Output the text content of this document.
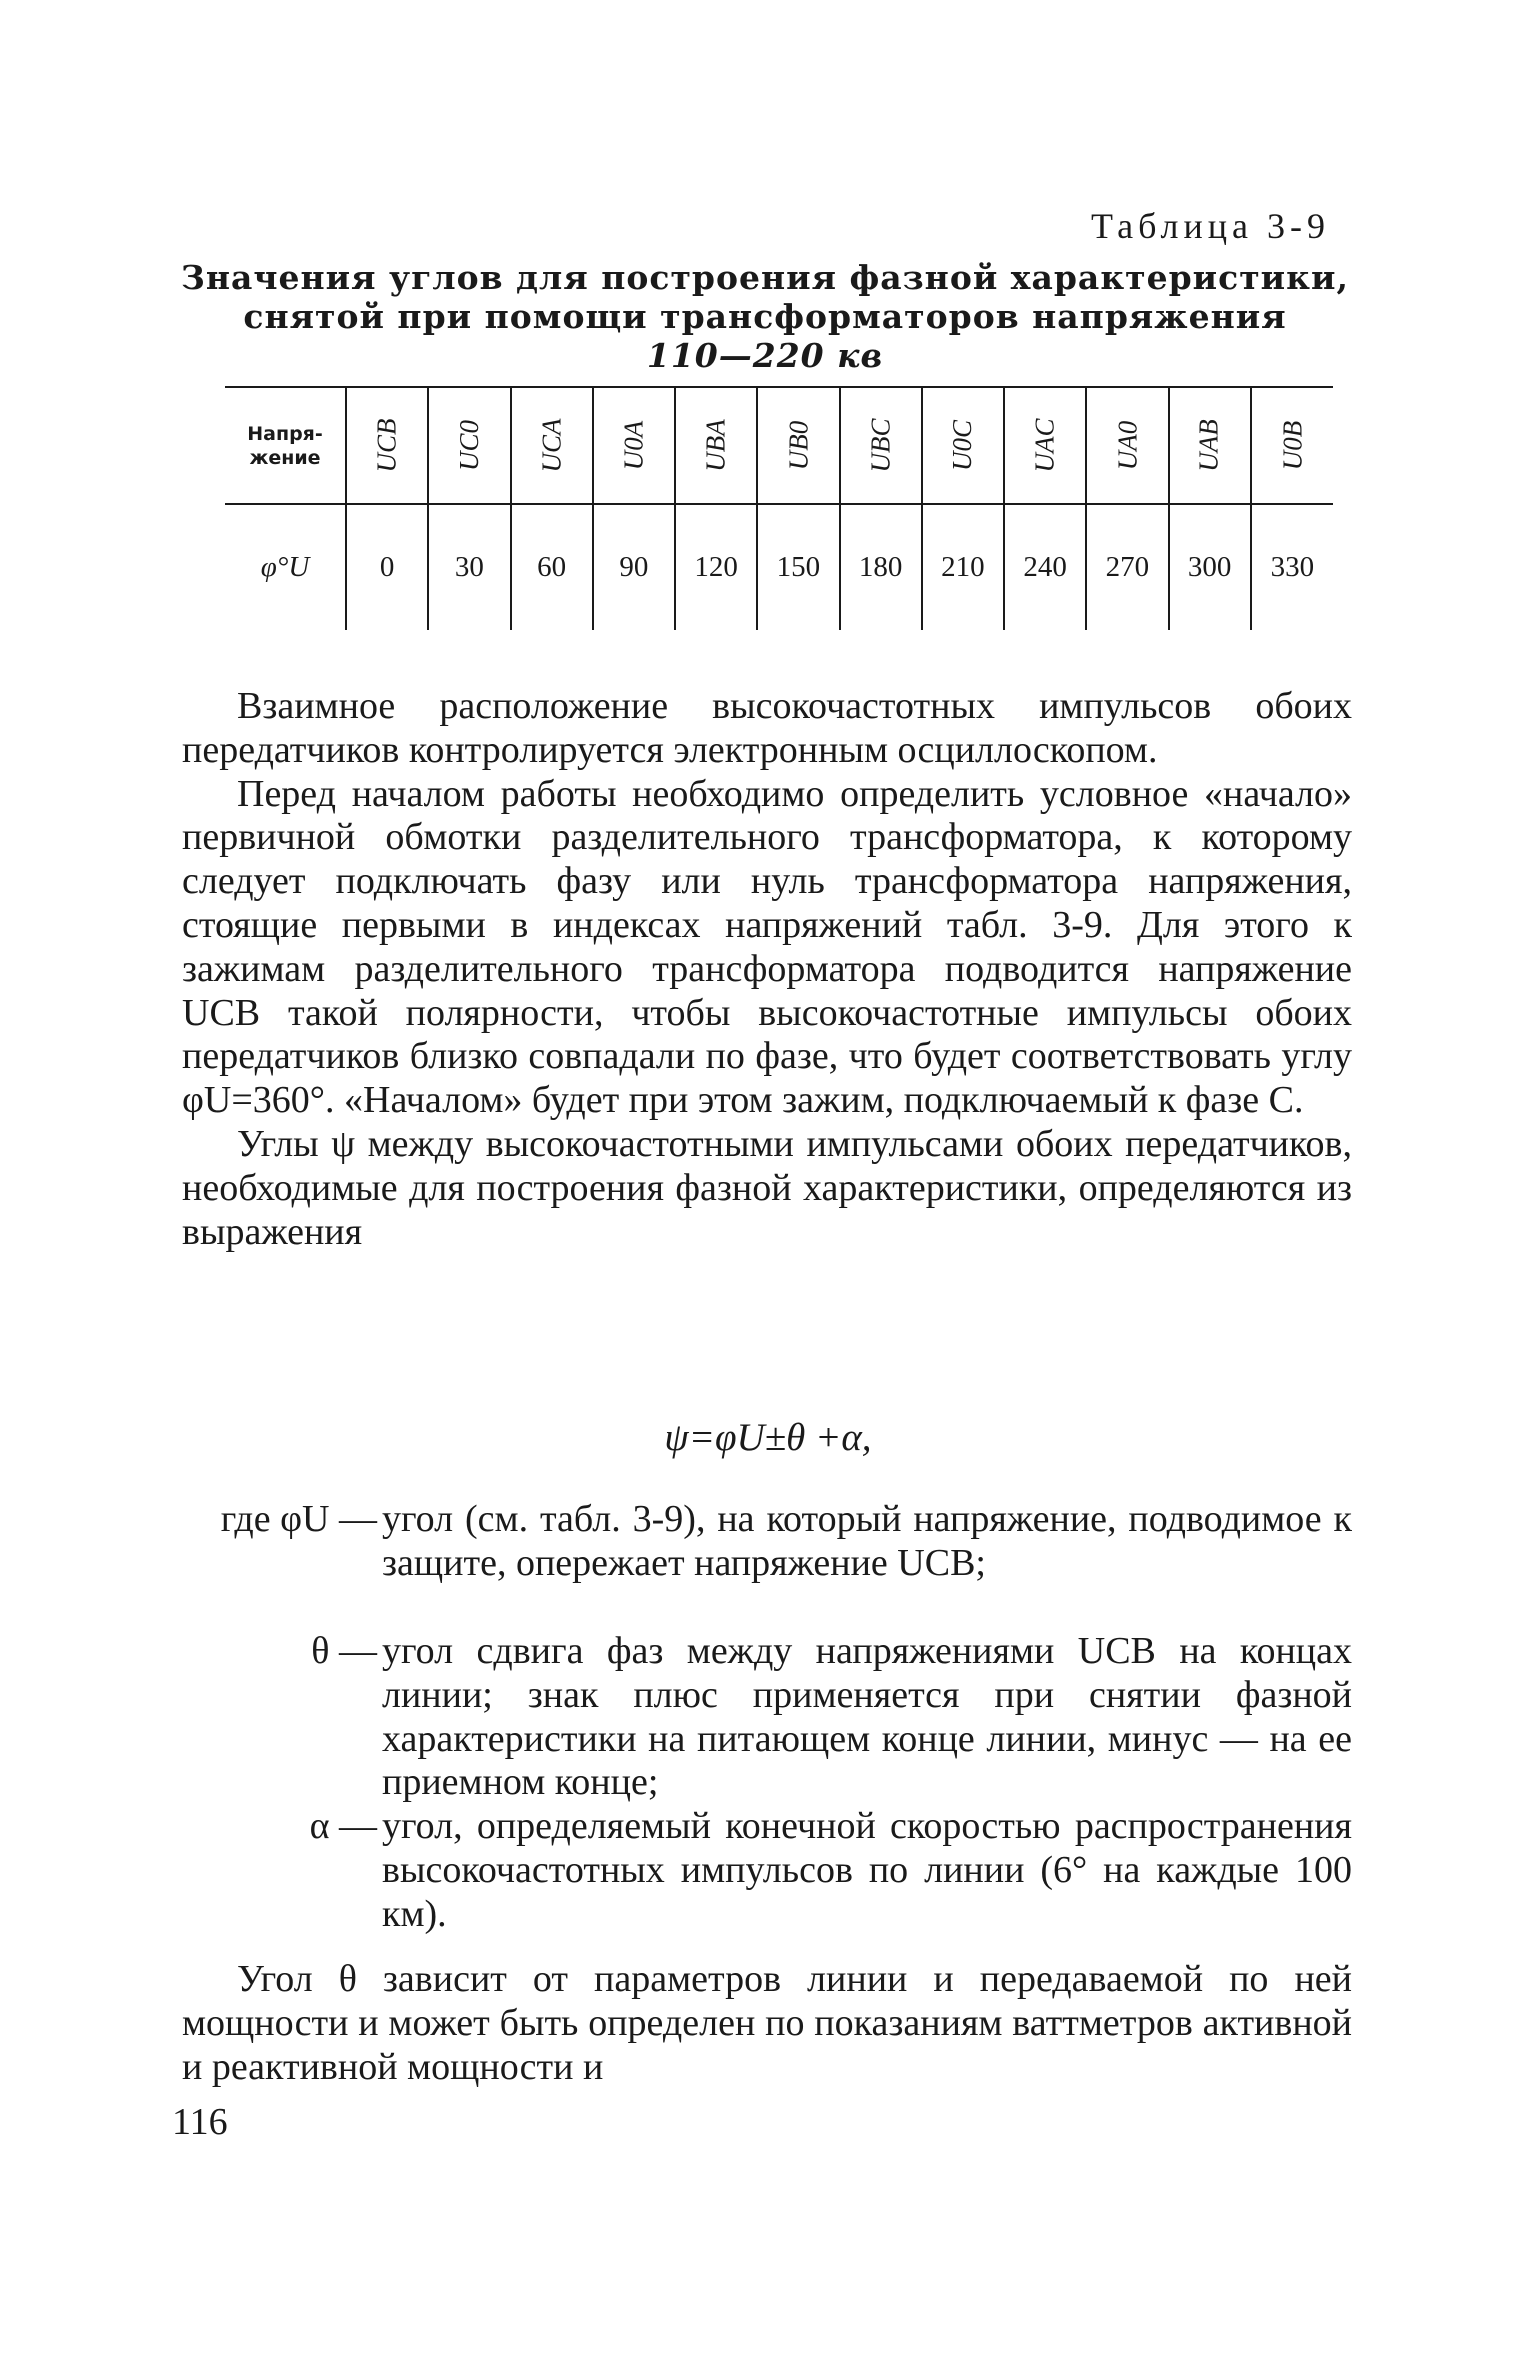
Таблица 3-9
Значения углов для построения фазной характеристики,
снятой при помощи трансформаторов напряжения
110—220 кв
Напря-жение	UCB	UC0	UCA	U0A	UBA	UB0	UBC	U0C	UAC	UA0	UAB	U0B
φ°U	0	30	60	90	120	150	180	210	240	270	300	330

Взаимное расположение высокочастотных импульсов обоих передатчиков контролируется электронным осциллоскопом.

Перед началом работы необходимо определить условное «начало» первичной обмотки разделительного трансформатора, к которому следует подключать фазу или нуль трансформатора напряжения, стоящие первыми в индексах напряжений табл. 3-9. Для этого к зажимам разделительного трансформатора подводится напряжение UCB такой полярности, чтобы высокочастотные импульсы обоих передатчиков близко совпадали по фазе, что будет соответствовать углу φU=360°. «Началом» будет при этом зажим, подключаемый к фазе C.

Углы ψ между высокочастотными импульсами обоих передатчиков, необходимые для построения фазной характеристики, определяются из выражения

ψ=φU±θ +α,
где φU — угол (см. табл. 3-9), на который напряжение, подводимое к защите, опережает напряжение UCB;
θ — угол сдвига фаз между напряжениями UCB на концах линии; знак плюс применяется при снятии фазной характеристики на питающем конце линии, минус — на ее приемном конце;
α — угол, определяемый конечной скоростью распространения высокочастотных импульсов по линии (6° на каждые 100 км).

Угол θ зависит от параметров линии и передаваемой по ней мощности и может быть определен по показаниям ваттметров активной и реактивной мощности и

116
